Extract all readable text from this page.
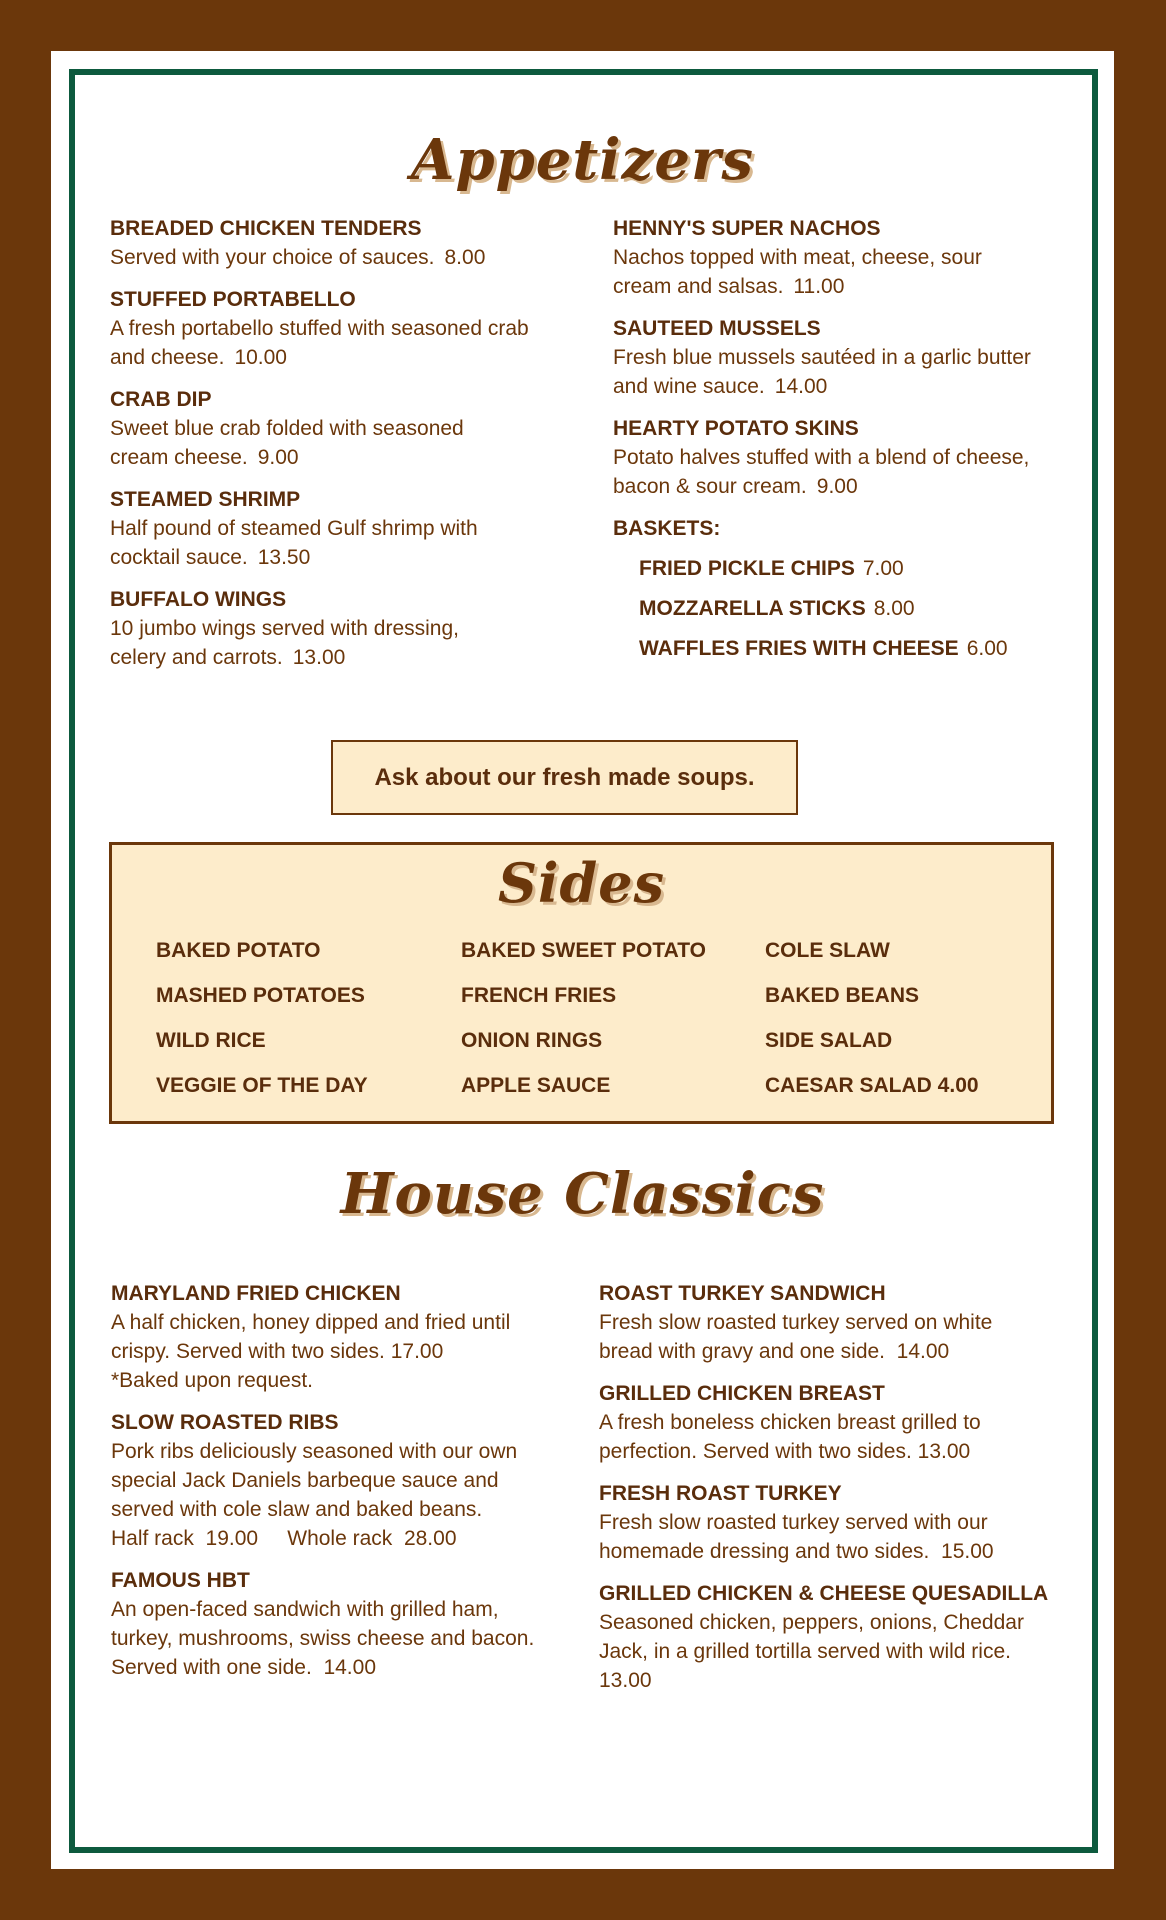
Appetizers
BREADED CHICKEN TENDERS
Served with your choice of sauces. 8.00
STUFFED PORTABELLO
A fresh portabello stuffed with seasoned crab and cheese. 10.00
CRAB DIP
Sweet blue crab folded with seasoned cream cheese. 9.00
STEAMED SHRIMP
Half pound of steamed Gulf shrimp with cocktail sauce. 13.50
BUFFALO WINGS
10 jumbo wings served with dressing, celery and carrots. 13.00
HENNY'S SUPER NACHOS
Nachos topped with meat, cheese, sour cream and salsas. 11.00
SAUTEED MUSSELS
Fresh blue mussels sautéed in a garlic butter and wine sauce. 14.00
HEARTY POTATO SKINS
Potato halves stuffed with a blend of cheese, bacon & sour cream. 9.00
BASKETS:
FRIED PICKLE CHIPS 7.00
MOZZARELLA STICKS 8.00
WAFFLES FRIES WITH CHEESE 6.00
Ask about our fresh made soups.
Sides
BAKED POTATO
MASHED POTATOES
WILD RICE
VEGGIE OF THE DAY
BAKED SWEET POTATO
FRENCH FRIES
ONION RINGS
APPLE SAUCE
COLE SLAW
BAKED BEANS
SIDE SALAD
CAESAR SALAD 4.00
House Classics
MARYLAND FRIED CHICKEN
A half chicken, honey dipped and fried until
crispy. Served with two sides. 17.00
*Baked upon request.
SLOW ROASTED RIBS
Pork ribs deliciously seasoned with our own
special Jack Daniels barbeque sauce and
served with cole slaw and baked beans.
Half rack  19.00     Whole rack  28.00
FAMOUS HBT
An open-faced sandwich with grilled ham,
turkey, mushrooms, swiss cheese and bacon.
Served with one side.  14.00
ROAST TURKEY SANDWICH
Fresh slow roasted turkey served on white
bread with gravy and one side.  14.00
GRILLED CHICKEN BREAST
A fresh boneless chicken breast grilled to
perfection. Served with two sides. 13.00
FRESH ROAST TURKEY
Fresh slow roasted turkey served with our
homemade dressing and two sides.  15.00
GRILLED CHICKEN & CHEESE QUESADILLA
Seasoned chicken, peppers, onions, Cheddar
Jack, in a grilled tortilla served with wild rice.
13.00
